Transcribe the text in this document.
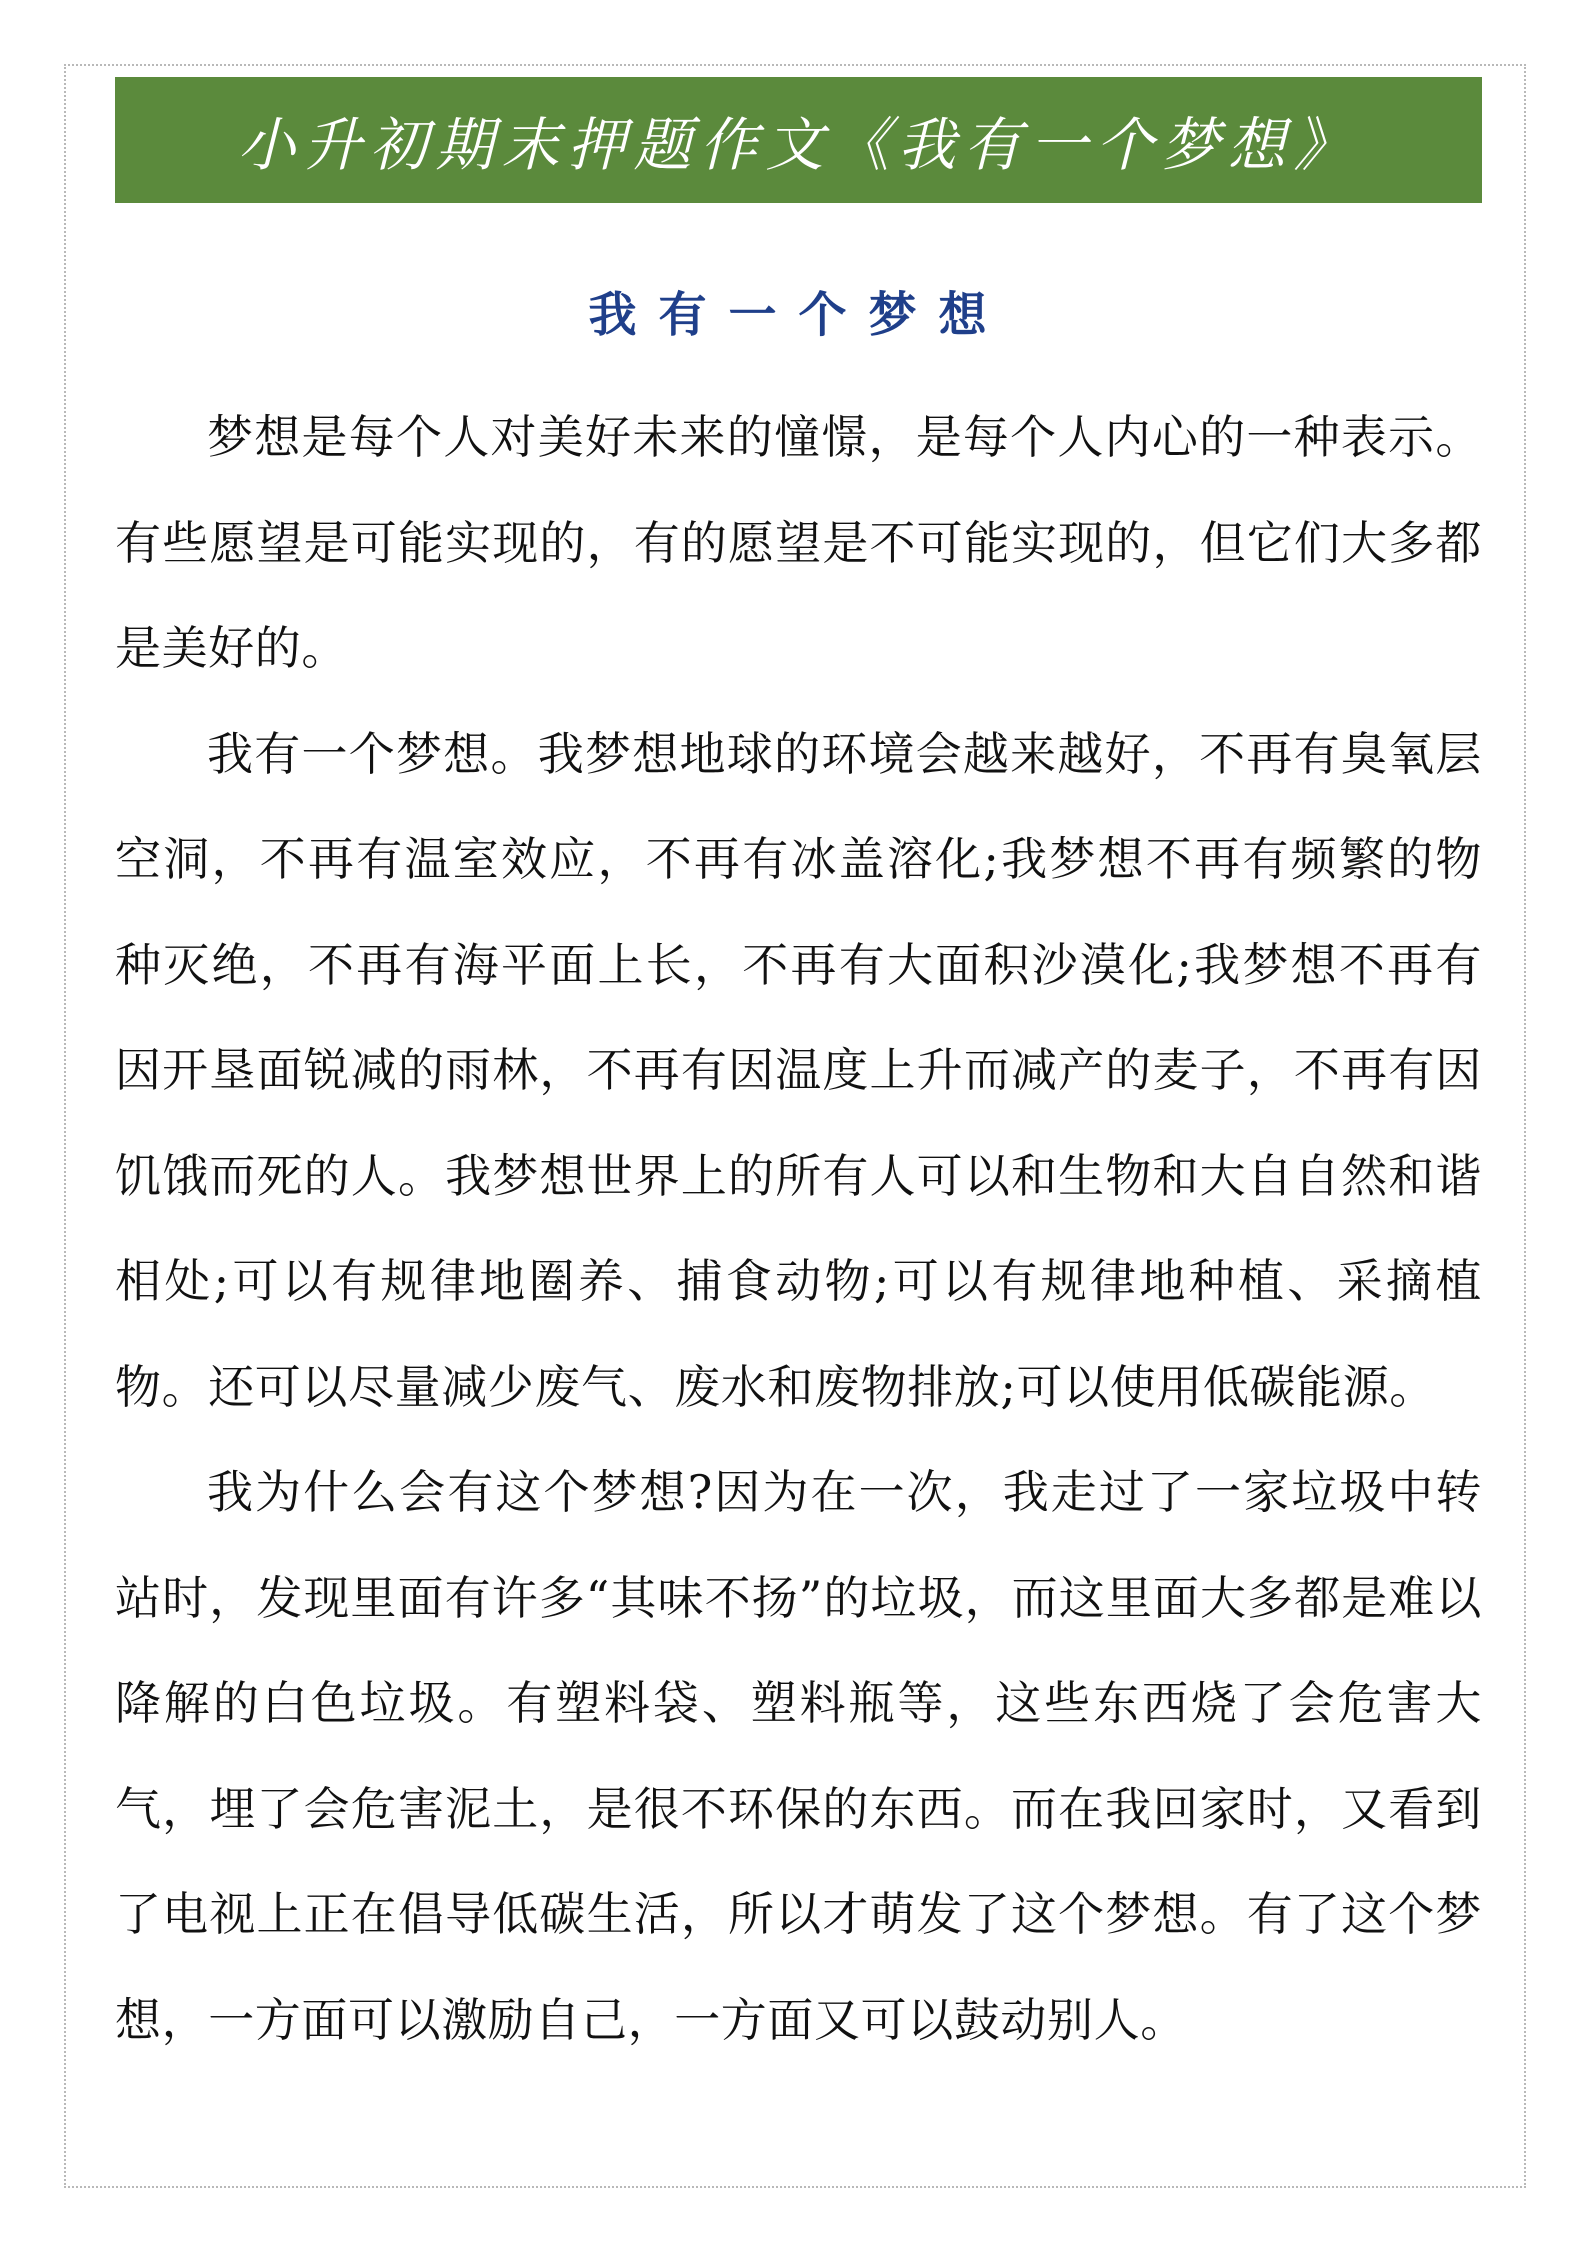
小升初期末押题作文《我有一个梦想》
我有一个梦想

梦想是每个人对美好未来的憧憬，是每个人内心的一种表示。有些愿望是可能实现的，有的愿望是不可能实现的，但它们大多都是美好的。

我有一个梦想。我梦想地球的环境会越来越好，不再有臭氧层空洞，不再有温室效应，不再有冰盖溶化;我梦想不再有频繁的物种灭绝，不再有海平面上长，不再有大面积沙漠化;我梦想不再有因开垦面锐减的雨林，不再有因温度上升而减产的麦子，不再有因饥饿而死的人。我梦想世界上的所有人可以和生物和大自自然和谐相处;可以有规律地圈养、捕食动物;可以有规律地种植、采摘植物。还可以尽量减少废气、废水和废物排放;可以使用低碳能源。

我为什么会有这个梦想?因为在一次，我走过了一家垃圾中转站时，发现里面有许多“其味不扬”的垃圾，而这里面大多都是难以降解的白色垃圾。有塑料袋、塑料瓶等，这些东西烧了会危害大气，埋了会危害泥土，是很不环保的东西。而在我回家时，又看到了电视上正在倡导低碳生活，所以才萌发了这个梦想。有了这个梦想，一方面可以激励自己，一方面又可以鼓动别人。
